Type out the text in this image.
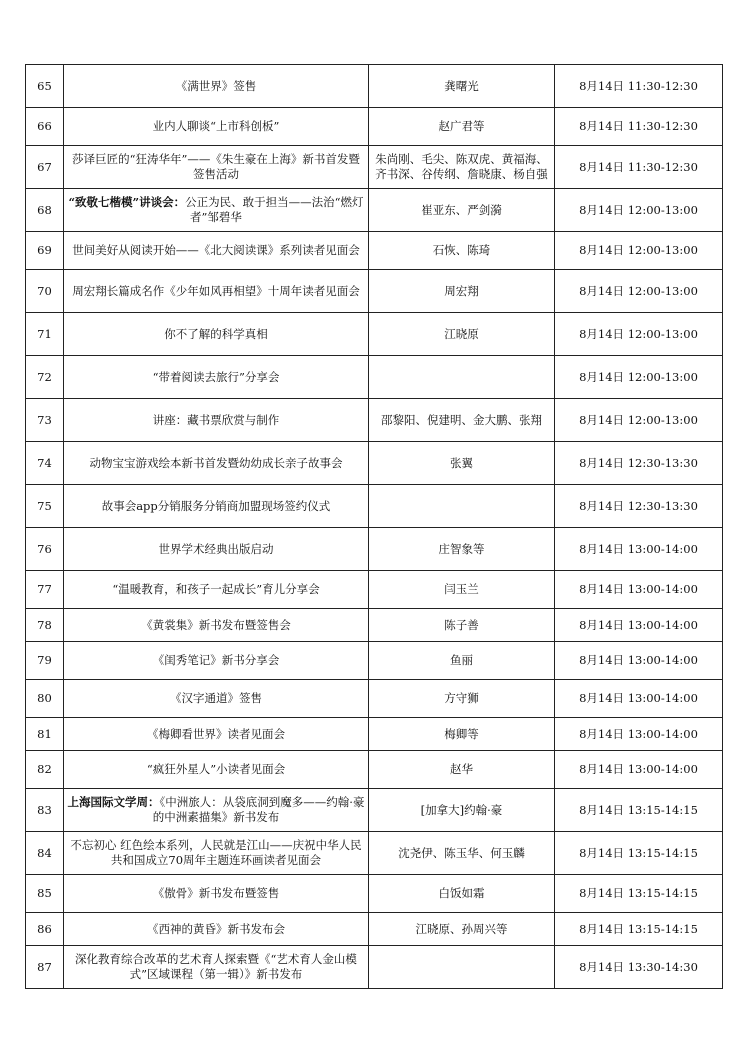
65	《满世界》签售	龚曙光	8月14日 11:30-12:30
66	业内人聊谈“上市科创板”	赵广君等	8月14日 11:30-12:30
67	莎译巨匠的“狂涛华年”——《朱生豪在上海》新书首发暨签售活动	朱尚刚、毛尖、陈双虎、黄福海、齐书深、谷传纲、詹晓康、杨自强	8月14日 11:30-12:30
68	“致敬七楷模”讲谈会：公正为民、敢于担当——法治“燃灯者”邹碧华	崔亚东、严剑漪	8月14日 12:00-13:00
69	世间美好从阅读开始——《北大阅读课》系列读者见面会	石恢、陈琦	8月14日 12:00-13:00
70	周宏翔长篇成名作《少年如风再相望》十周年读者见面会	周宏翔	8月14日 12:00-13:00
71	你不了解的科学真相	江晓原	8月14日 12:00-13:00
72	“带着阅读去旅行”分享会		8月14日 12:00-13:00
73	讲座：藏书票欣赏与制作	邵黎阳、倪建明、金大鹏、张翔	8月14日 12:00-13:00
74	动物宝宝游戏绘本新书首发暨幼幼成长亲子故事会	张翼	8月14日 12:30-13:30
75	故事会app分销服务分销商加盟现场签约仪式		8月14日 12:30-13:30
76	世界学术经典出版启动	庄智象等	8月14日 13:00-14:00
77	“温暖教育，和孩子一起成长”育儿分享会	闫玉兰	8月14日 13:00-14:00
78	《黄裳集》新书发布暨签售会	陈子善	8月14日 13:00-14:00
79	《闺秀笔记》新书分享会	鱼丽	8月14日 13:00-14:00
80	《汉字通道》签售	方守狮	8月14日 13:00-14:00
81	《梅卿看世界》读者见面会	梅卿等	8月14日 13:00-14:00
82	“疯狂外星人”小读者见面会	赵华	8月14日 13:00-14:00
83	上海国际文学周：《中洲旅人：从袋底洞到魔多——约翰·豪的中洲素描集》新书发布	[加拿大]约翰·豪	8月14日 13:15-14:15
84	不忘初心 红色绘本系列，人民就是江山——庆祝中华人民共和国成立70周年主题连环画读者见面会	沈尧伊、陈玉华、何玉麟	8月14日 13:15-14:15
85	《傲骨》新书发布暨签售	白饭如霜	8月14日 13:15-14:15
86	《西神的黄昏》新书发布会	江晓原、孙周兴等	8月14日 13:15-14:15
87	深化教育综合改革的艺术育人探索暨《“艺术育人金山模式”区域课程（第一辑）》新书发布		8月14日 13:30-14:30
